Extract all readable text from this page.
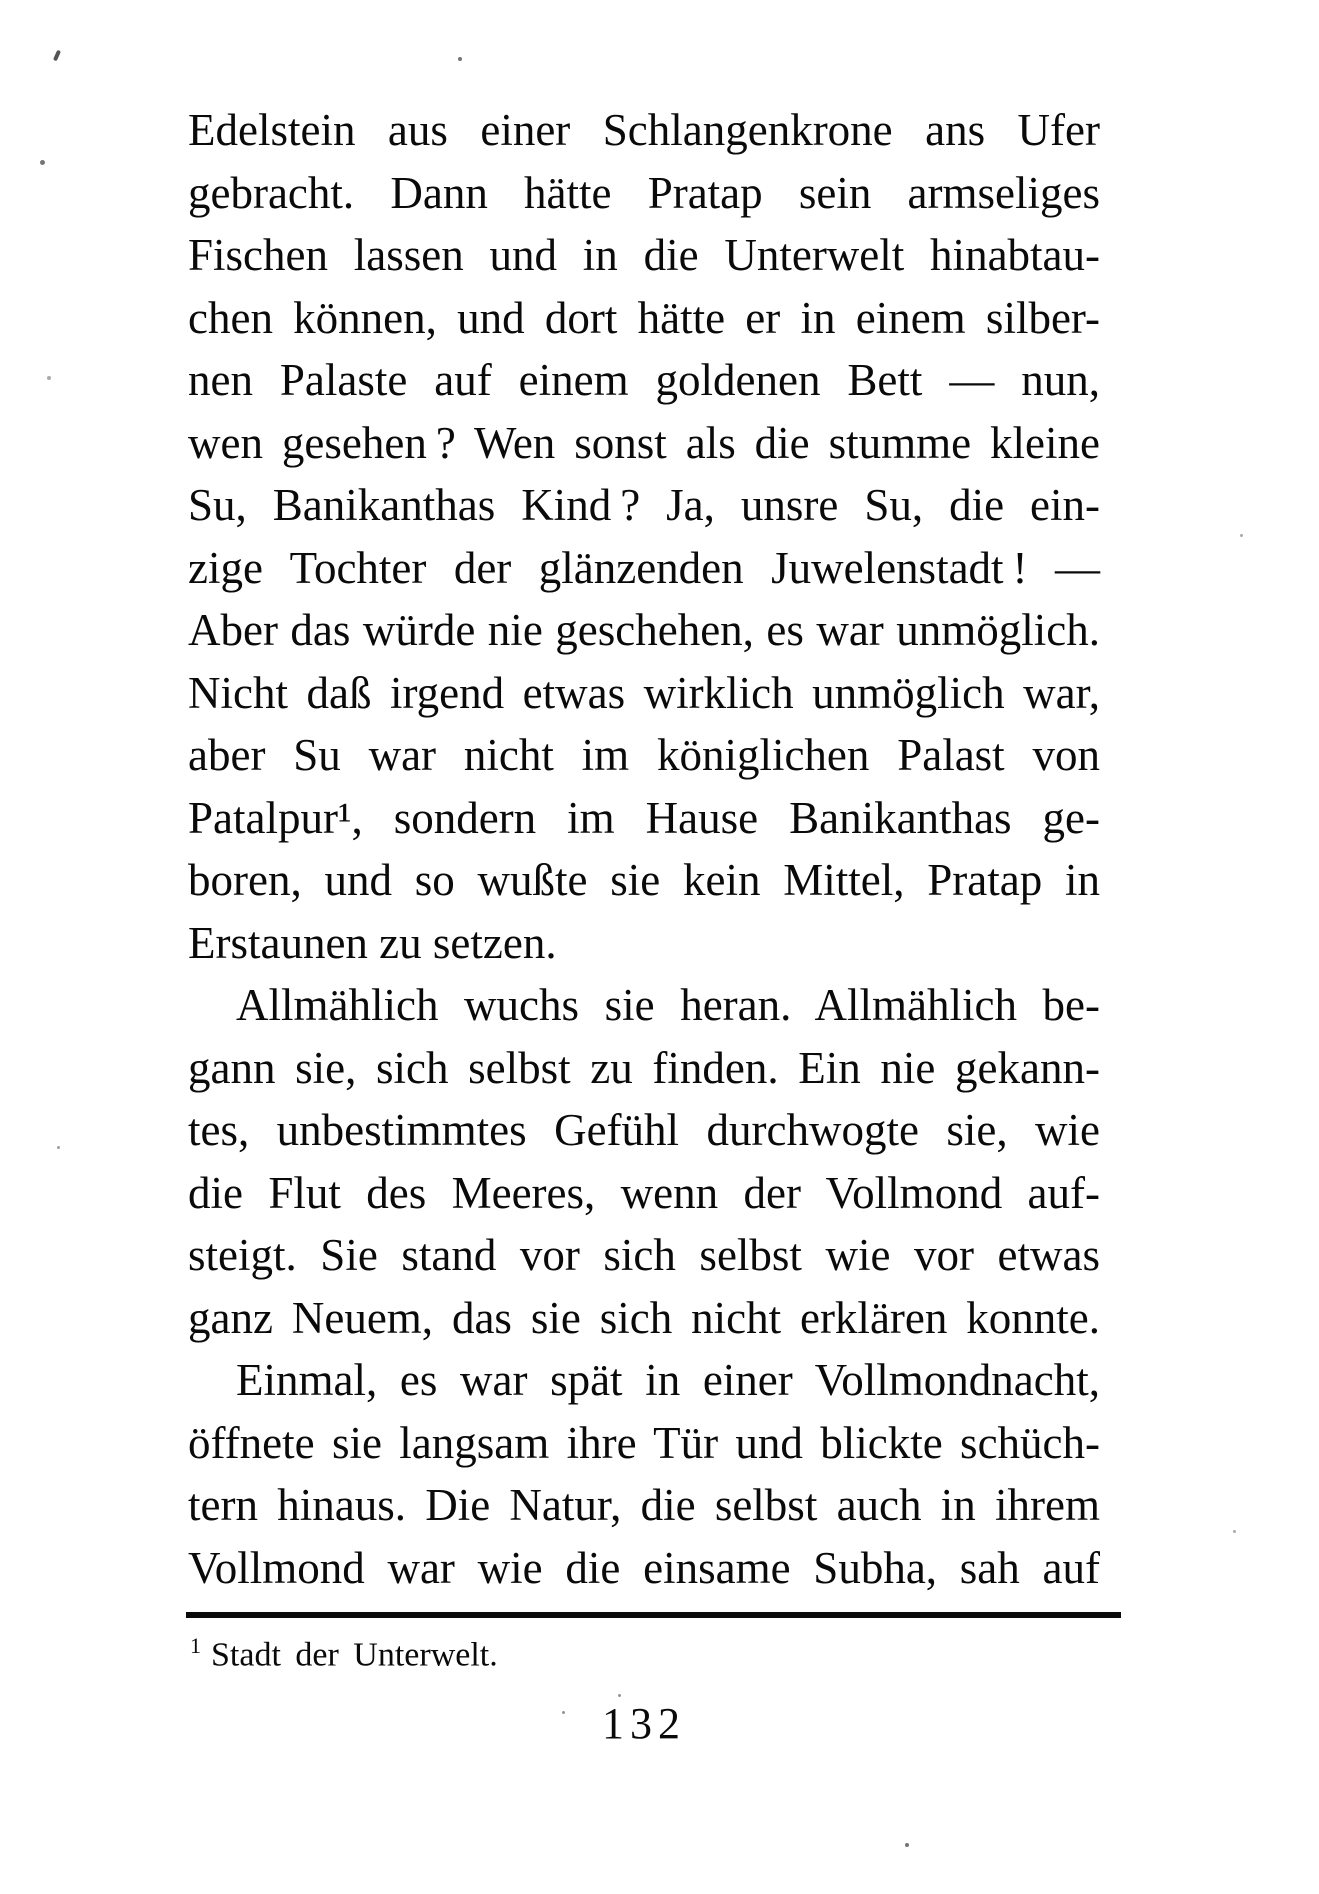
Edelstein aus einer Schlangenkrone ans Ufer
gebracht. Dann hätte Pratap sein armseliges
Fischen lassen und in die Unterwelt hinabtau-
chen können, und dort hätte er in einem silber-
nen Palaste auf einem goldenen Bett — nun,
wen gesehen ? Wen sonst als die stumme kleine
Su, Banikanthas Kind ? Ja, unsre Su, die ein-
zige Tochter der glänzenden Juwelenstadt ! —
Aber das würde nie geschehen, es war unmöglich.
Nicht daß irgend etwas wirklich unmöglich war,
aber Su war nicht im königlichen Palast von
Patalpur¹, sondern im Hause Banikanthas ge-
boren, und so wußte sie kein Mittel, Pratap in
Erstaunen zu setzen.
Allmählich wuchs sie heran. Allmählich be-
gann sie, sich selbst zu finden. Ein nie gekann-
tes, unbestimmtes Gefühl durchwogte sie, wie
die Flut des Meeres, wenn der Vollmond auf-
steigt. Sie stand vor sich selbst wie vor etwas
ganz Neuem, das sie sich nicht erklären konnte.
Einmal, es war spät in einer Vollmondnacht,
öffnete sie langsam ihre Tür und blickte schüch-
tern hinaus. Die Natur, die selbst auch in ihrem
Vollmond war wie die einsame Subha, sah auf
$^1$ Stadt der Unterwelt.
132
